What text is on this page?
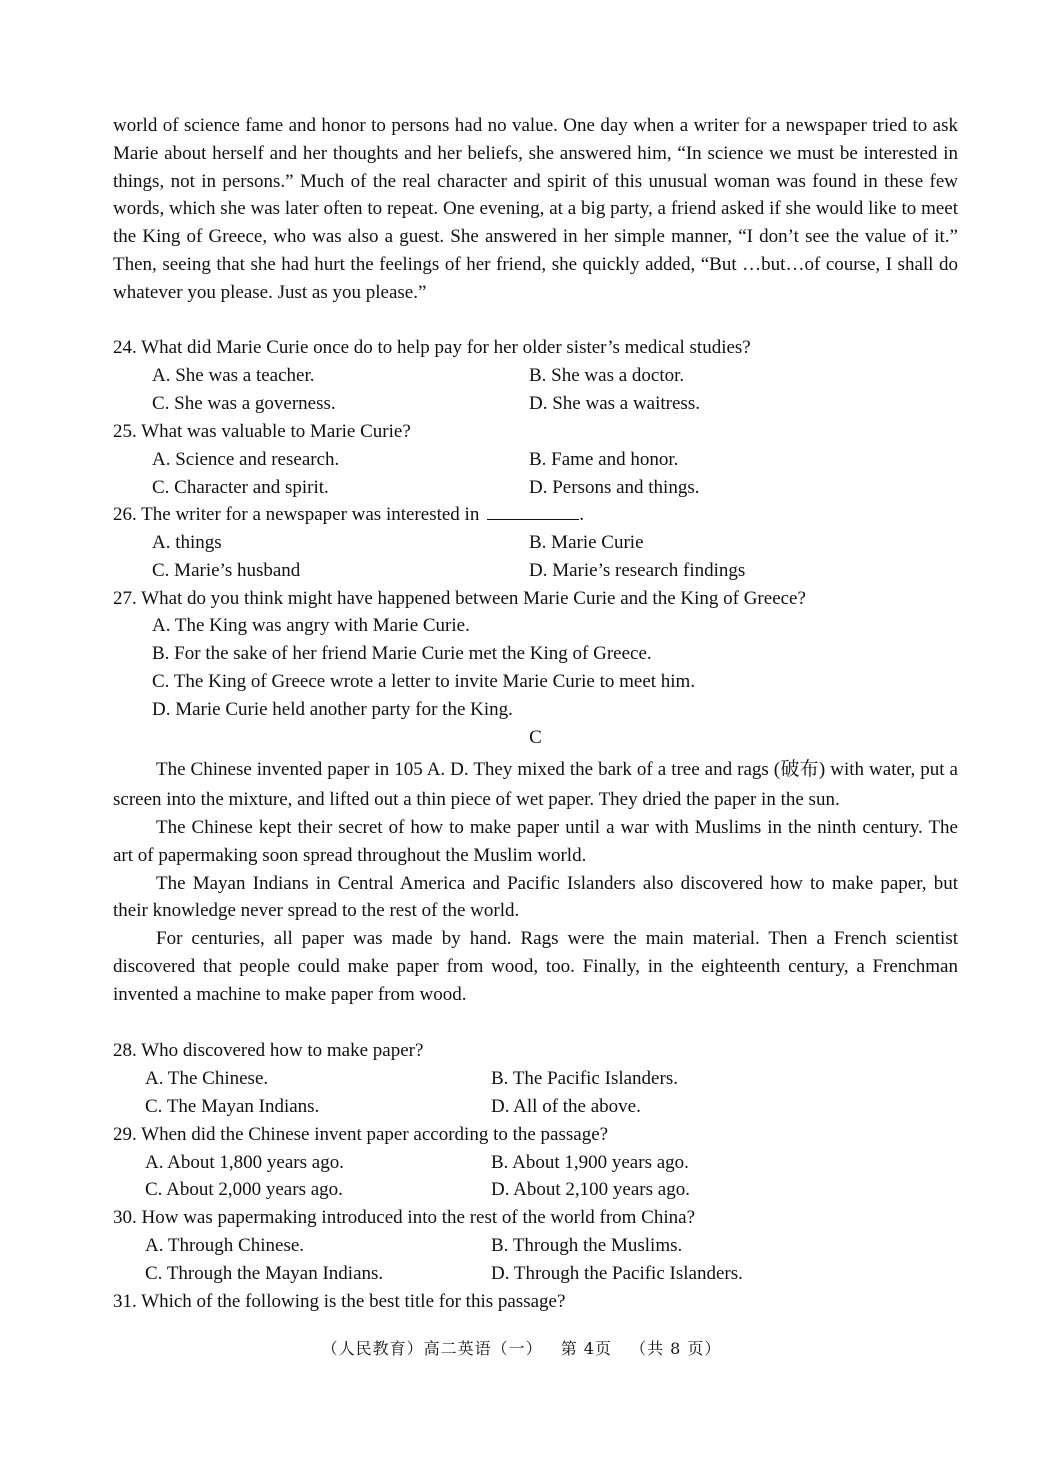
world of science fame and honor to persons had no value. One day when a writer for a newspaper tried to ask Marie about herself and her thoughts and her beliefs, she answered him, “In science we must be interested in things, not in persons.” Much of the real character and spirit of this unusual woman was found in these few words, which she was later often to repeat. One evening, at a big party, a friend asked if she would like to meet the King of Greece, who was also a guest. She answered in her simple manner, “I don’t see the value of it.” Then, seeing that she had hurt the feelings of her friend, she quickly added, “But …but…of course, I shall do whatever you please. Just as you please.”

24. What did Marie Curie once do to help pay for her older sister’s medical studies?
A. She was a teacher.	B. She was a doctor.
C. She was a governess.	D. She was a waitress.
25. What was valuable to Marie Curie?
A. Science and research.	B. Fame and honor.
C. Character and spirit.	D. Persons and things.
26. The writer for a newspaper was interested in	.
A. things	B. Marie Curie
C. Marie’s husband	D. Marie’s research findings
27. What do you think might have happened between Marie Curie and the King of Greece?
A. The King was angry with Marie Curie.
B. For the sake of her friend Marie Curie met the King of Greece.
C. The King of Greece wrote a letter to invite Marie Curie to meet him.
D. Marie Curie held another party for the King.
C

The Chinese invented paper in 105 A. D. They mixed the bark of a tree and rags (破布) with water, put a screen into the mixture, and lifted out a thin piece of wet paper. They dried the paper in the sun.

The Chinese kept their secret of how to make paper until a war with Muslims in the ninth century. The art of papermaking soon spread throughout the Muslim world.

The Mayan Indians in Central America and Pacific Islanders also discovered how to make paper, but their knowledge never spread to the rest of the world.

For centuries, all paper was made by hand. Rags were the main material. Then a French scientist discovered that people could make paper from wood, too. Finally, in the eighteenth century, a Frenchman invented a machine to make paper from wood.

28. Who discovered how to make paper?
A. The Chinese.	B. The Pacific Islanders.
C. The Mayan Indians.	D. All of the above.
29. When did the Chinese invent paper according to the passage?
A. About 1,800 years ago.	B. About 1,900 years ago.
C. About 2,000 years ago.	D. About 2,100 years ago.
30. How was papermaking introduced into the rest of the world from China?
A. Through Chinese.	B. Through the Muslims.
C. Through the Mayan Indians.	D. Through the Pacific Islanders.
31. Which of the following is the best title for this passage?
（人民教育）高二英语（一） 第 4页 （共 8 页）
